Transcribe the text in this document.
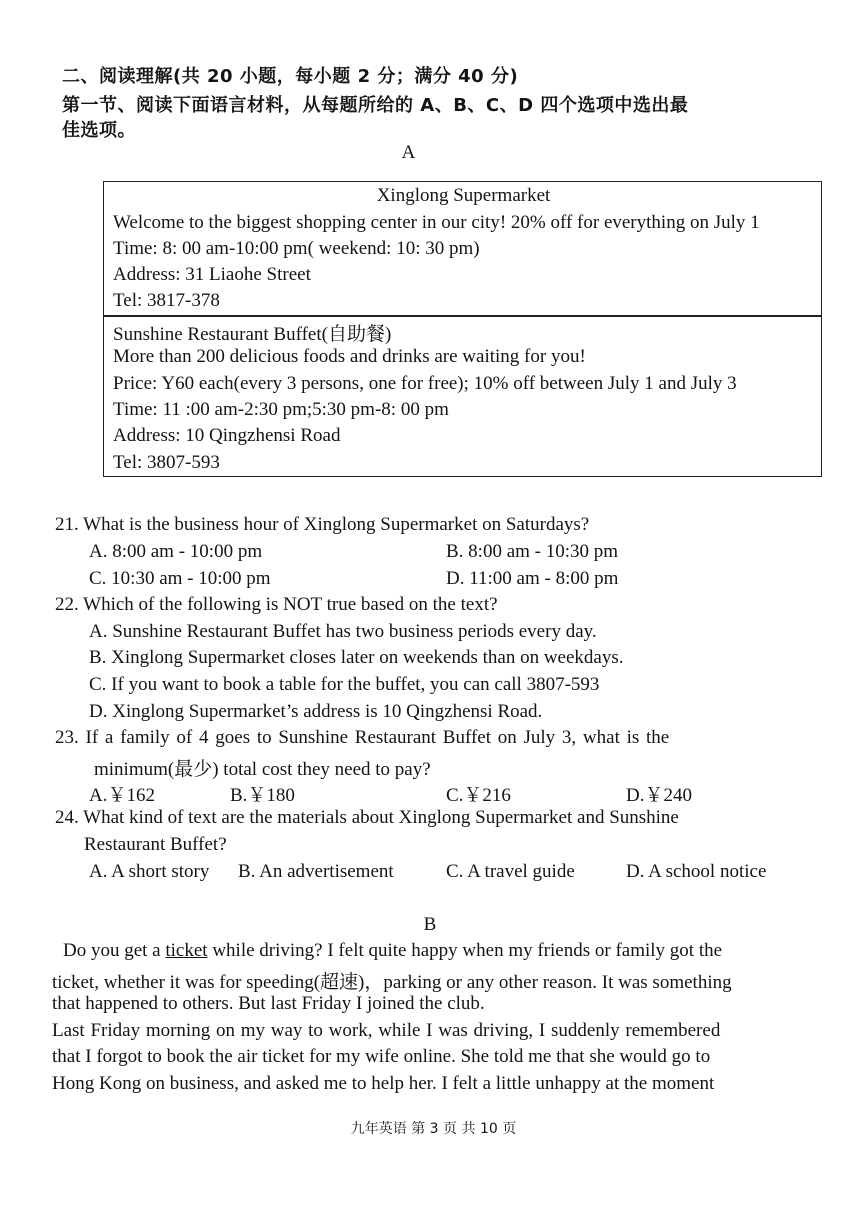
二、阅读理解(共 20 小题，每小题 2 分；满分 40 分)
第一节、阅读下面语言材料，从每题所给的 A、B、C、D 四个选项中选出最
佳选项。
A
Xinglong Supermarket
Welcome to the biggest shopping center in our city! 20% off for everything on July 1
Time: 8: 00 am-10:00 pm( weekend: 10: 30 pm)
Address: 31 Liaohe Street
Tel: 3817-378
Sunshine Restaurant Buffet(自助餐)
More than 200 delicious foods and drinks are waiting for you!
Price: Y60 each(every 3 persons, one for free); 10% off between July 1 and July 3
Time: 11 :00 am-2:30 pm;5:30 pm-8: 00 pm
Address: 10 Qingzhensi Road
Tel: 3807-593
21. What is the business hour of Xinglong Supermarket on Saturdays?
A. 8:00 am - 10:00 pm	B. 8:00 am - 10:30 pm
C. 10:30 am - 10:00 pm	D. 11:00 am - 8:00 pm
22. Which of the following is NOT true based on the text?
A. Sunshine Restaurant Buffet has two business periods every day.
B. Xinglong Supermarket closes later on weekends than on weekdays.
C. If you want to book a table for the buffet, you can call 3807-593
D. Xinglong Supermarket’s address is 10 Qingzhensi Road.
23. If a family of 4 goes to Sunshine Restaurant Buffet on July 3, what is the
minimum(最少) total cost they need to pay?
A.￥162	B.￥180	C.￥216	D.￥240
24. What kind of text are the materials about Xinglong Supermarket and Sunshine
Restaurant Buffet?
A. A short story B. An advertisement	C. A travel guide	D. A school notice
B
Do you get a ticket while driving? I felt quite happy when my friends or family got the
ticket, whether it was for speeding(超速)，parking or any other reason. It was something
that happened to others. But last Friday I joined the club.
Last Friday morning on my way to work, while I was driving, I suddenly remembered
that I forgot to book the air ticket for my wife online. She told me that she would go to
Hong Kong on business, and asked me to help her. I felt a little unhappy at the moment
九年英语 第 3 页 共 10 页
